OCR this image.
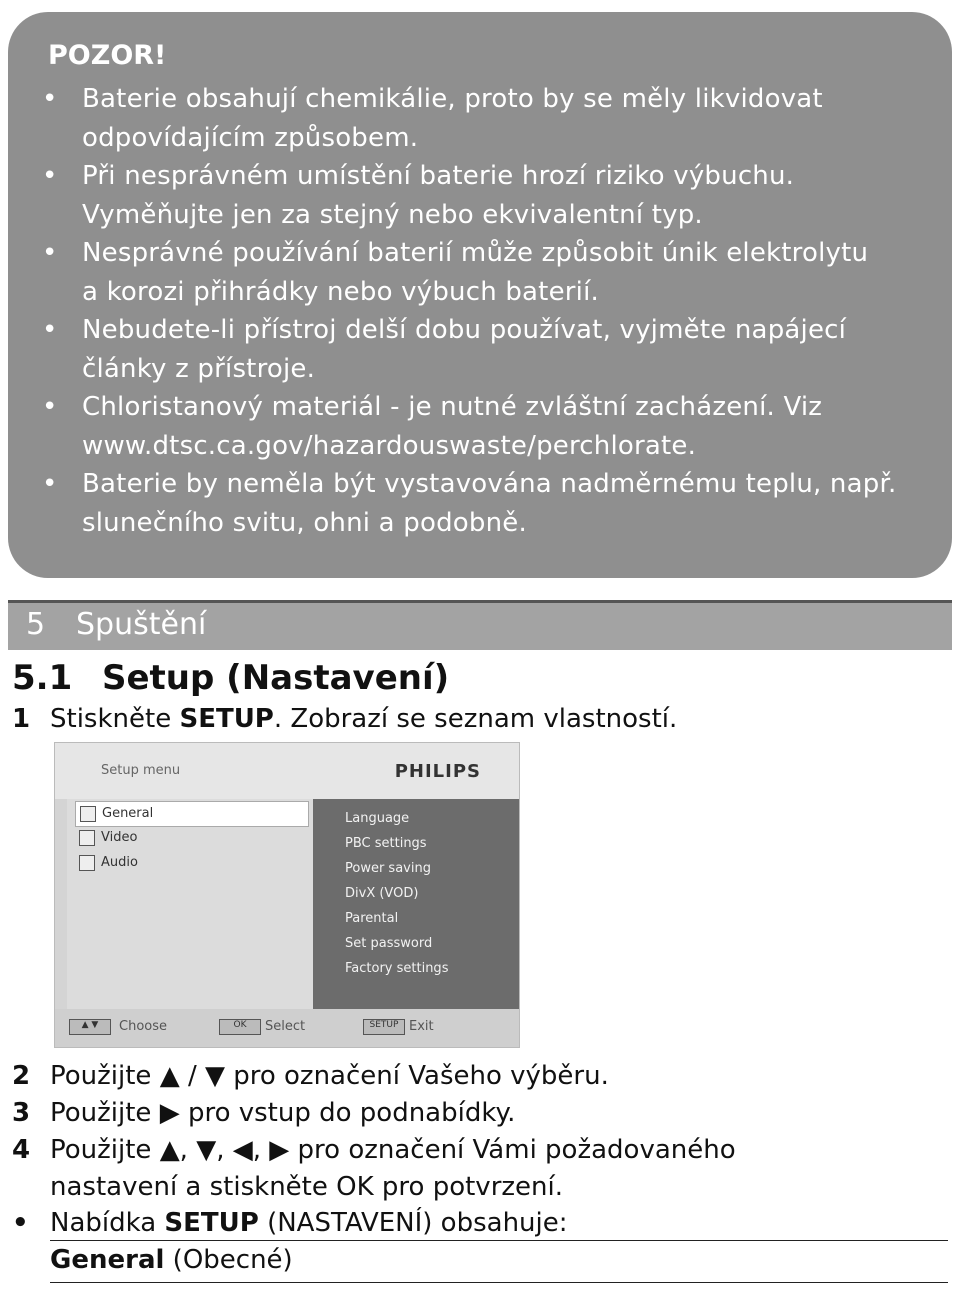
POZOR!
• Baterie obsahují chemikálie, proto by se měly likvidovat
odpovídajícím způsobem.
• Při nesprávném umístění baterie hrozí riziko výbuchu.
Vyměňujte jen za stejný nebo ekvivalentní typ.
• Nesprávné používání baterií může způsobit únik elektrolytu
a korozi přihrádky nebo výbuch baterií.
• Nebudete-li přístroj delší dobu používat, vyjměte napájecí
články z přístroje.
• Chloristanový materiál - je nutné zvláštní zacházení. Viz
www.dtsc.ca.gov/hazardouswaste/perchlorate.
• Baterie by neměla být vystavována nadměrnému teplu, např.
slunečního svitu, ohni a podobně.
5 Spuštění
5.1 Setup (Nastavení)
1 Stiskněte SETUP. Zobrazí se seznam vlastností.
Setup menu	PHILIPS
General
Video
Audio
Language
PBC settings
Power saving
DivX (VOD)
Parental
Set password
Factory settings
▲ ▼	Choose	OK	Select	SETUP Exit
2 Použijte ▲ / ▼ pro označení Vašeho výběru.
3 Použijte ▶ pro vstup do podnabídky.
4 Použijte ▲, ▼, ◀, ▶ pro označení Vámi požadovaného
nastavení a stiskněte OK pro potvrzení.
• Nabídka SETUP (NASTAVENÍ) obsahuje:
General (Obecné)
